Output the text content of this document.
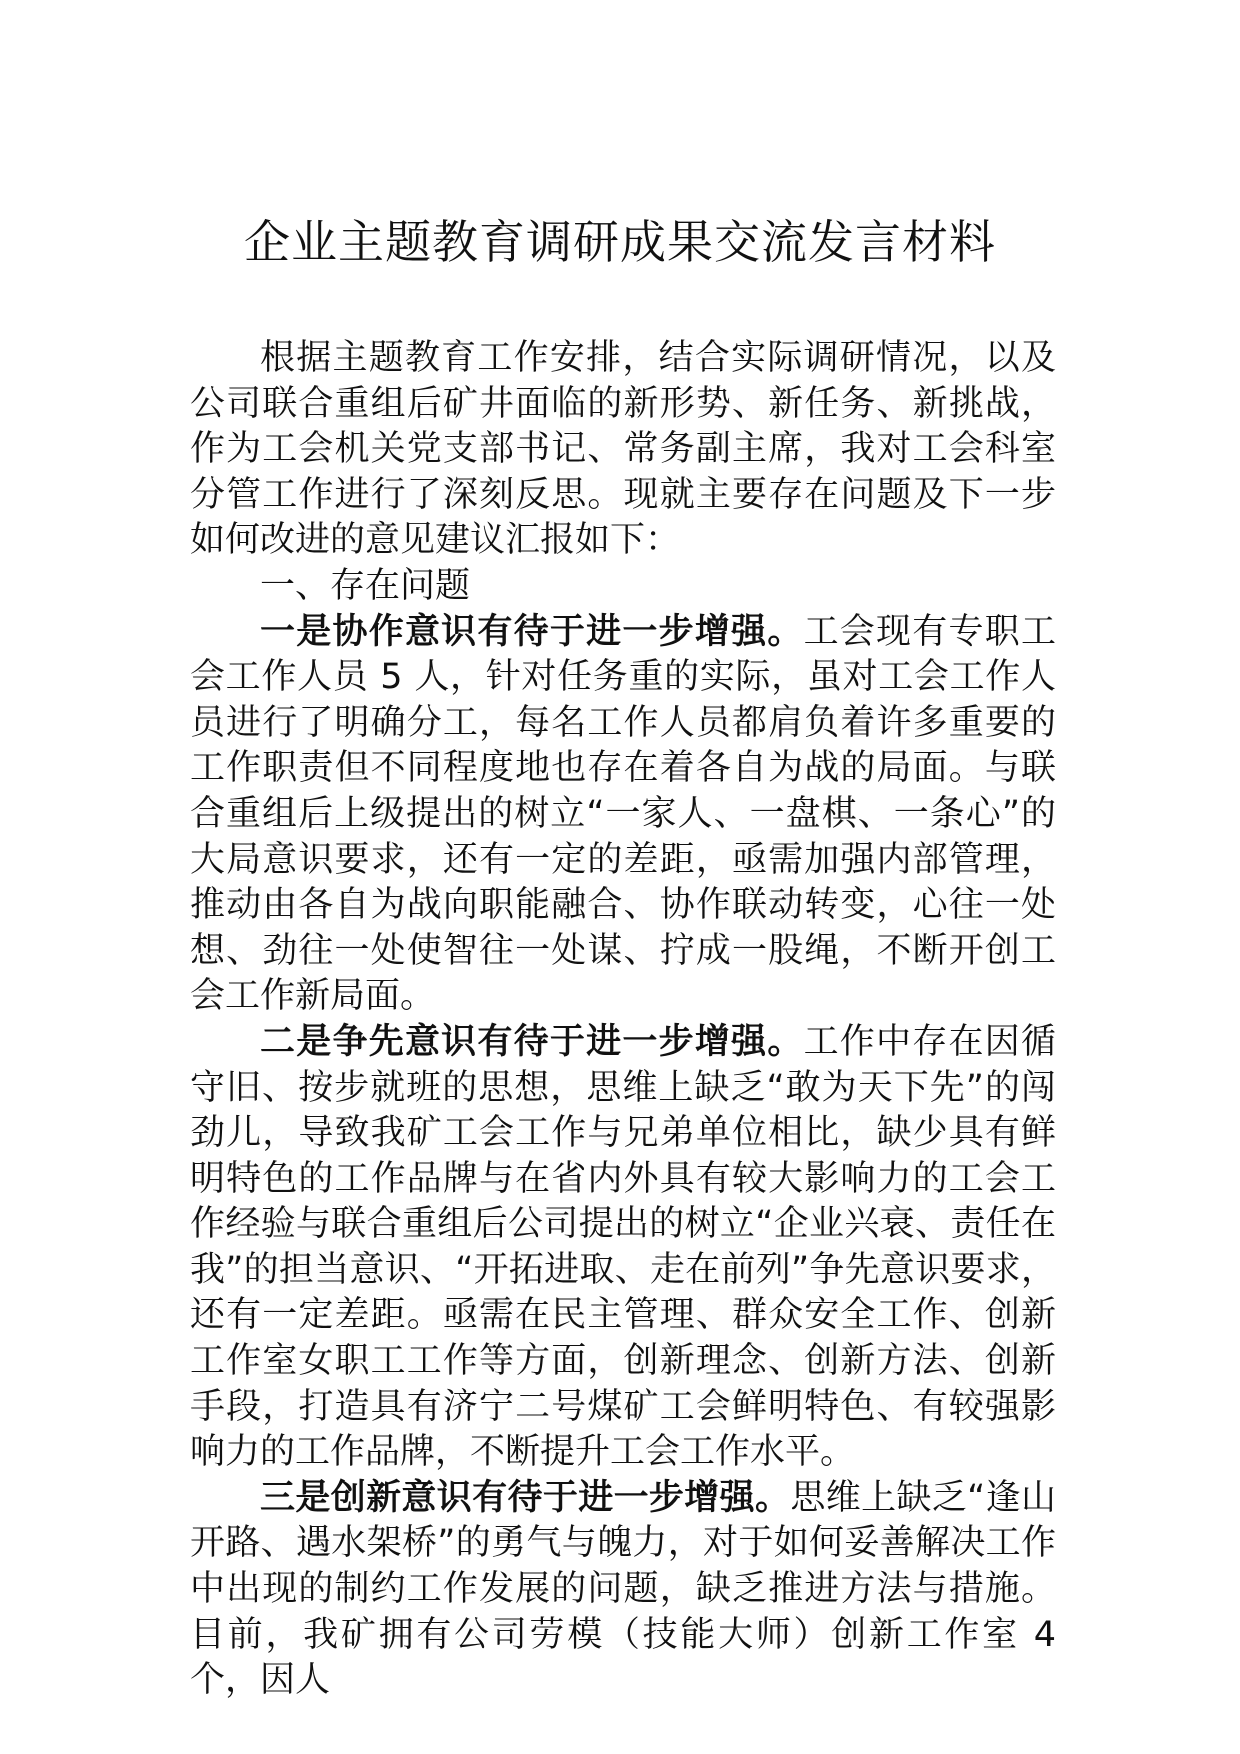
企业主题教育调研成果交流发言材料

根据主题教育工作安排，结合实际调研情况，以及公司联合重组后矿井面临的新形势、新任务、新挑战，作为工会机关党支部书记、常务副主席，我对工会科室分管工作进行了深刻反思。现就主要存在问题及下一步如何改进的意见建议汇报如下：

一、存在问题

一是协作意识有待于进一步增强。工会现有专职工会工作人员 5 人，针对任务重的实际，虽对工会工作人员进行了明确分工，每名工作人员都肩负着许多重要的工作职责但不同程度地也存在着各自为战的局面。与联合重组后上级提出的树立“一家人、一盘棋、一条心”的大局意识要求，还有一定的差距，亟需加强内部管理，推动由各自为战向职能融合、协作联动转变，心往一处想、劲往一处使智往一处谋、拧成一股绳，不断开创工会工作新局面。

二是争先意识有待于进一步增强。工作中存在因循守旧、按步就班的思想，思维上缺乏“敢为天下先”的闯劲儿，导致我矿工会工作与兄弟单位相比，缺少具有鲜明特色的工作品牌与在省内外具有较大影响力的工会工作经验与联合重组后公司提出的树立“企业兴衰、责任在我”的担当意识、“开拓进取、走在前列”争先意识要求，还有一定差距。亟需在民主管理、群众安全工作、创新工作室女职工工作等方面，创新理念、创新方法、创新手段，打造具有济宁二号煤矿工会鲜明特色、有较强影响力的工作品牌，不断提升工会工作水平。

三是创新意识有待于进一步增强。思维上缺乏“逢山开路、遇水架桥”的勇气与魄力，对于如何妥善解决工作中出现的制约工作发展的问题，缺乏推进方法与措施。目前，我矿拥有公司劳模（技能大师）创新工作室 4 个，因人
